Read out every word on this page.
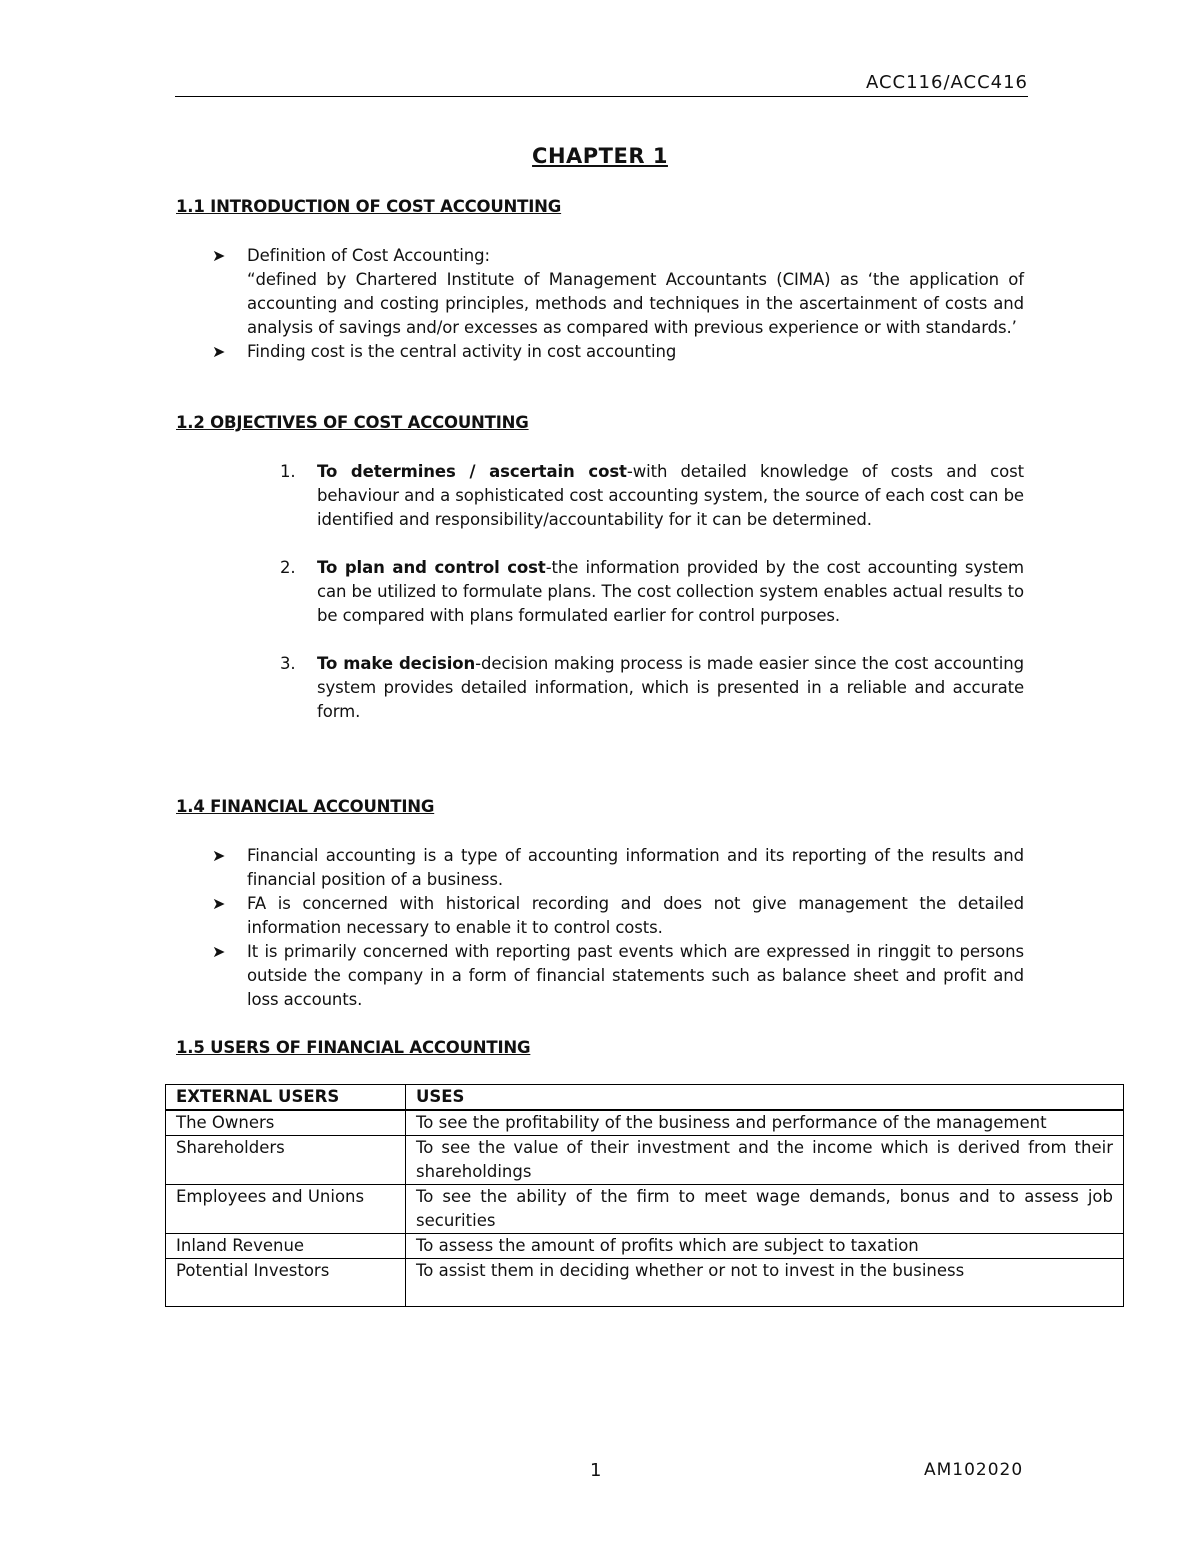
ACC116/ACC416
CHAPTER 1
1.1 INTRODUCTION OF COST ACCOUNTING
➤	Definition of Cost Accounting:
“defined by Chartered Institute of Management Accountants (CIMA) as ‘the application of accounting and costing principles, methods and techniques in the ascertainment of costs and analysis of savings and/or excesses as compared with previous experience or with standards.’
➤	Finding cost is the central activity in cost accounting
1.2 OBJECTIVES OF COST ACCOUNTING
1.	To determines / ascertain cost-with detailed knowledge of costs and cost behaviour and a sophisticated cost accounting system, the source of each cost can be identified and responsibility/accountability for it can be determined.
2.	To plan and control cost-the information provided by the cost accounting system can be utilized to formulate plans. The cost collection system enables actual results to be compared with plans formulated earlier for control purposes.
3.	To make decision-decision making process is made easier since the cost accounting system provides detailed information, which is presented in a reliable and accurate form.
1.4 FINANCIAL ACCOUNTING
➤	Financial accounting is a type of accounting information and its reporting of the results and financial position of a business.
➤	FA is concerned with historical recording and does not give management the detailed information necessary to enable it to control costs.
➤	It is primarily concerned with reporting past events which are expressed in ringgit to persons outside the company in a form of financial statements such as balance sheet and profit and loss accounts.
1.5 USERS OF FINANCIAL ACCOUNTING
EXTERNAL USERS	USES
The Owners	To see the profitability of the business and performance of the management
Shareholders	To see the value of their investment and the income which is derived from their shareholdings
Employees and Unions	To see the ability of the firm to meet wage demands, bonus and to assess job securities
Inland Revenue	To assess the amount of profits which are subject to taxation
Potential Investors	To assist them in deciding whether or not to invest in the business
1	AM102020
